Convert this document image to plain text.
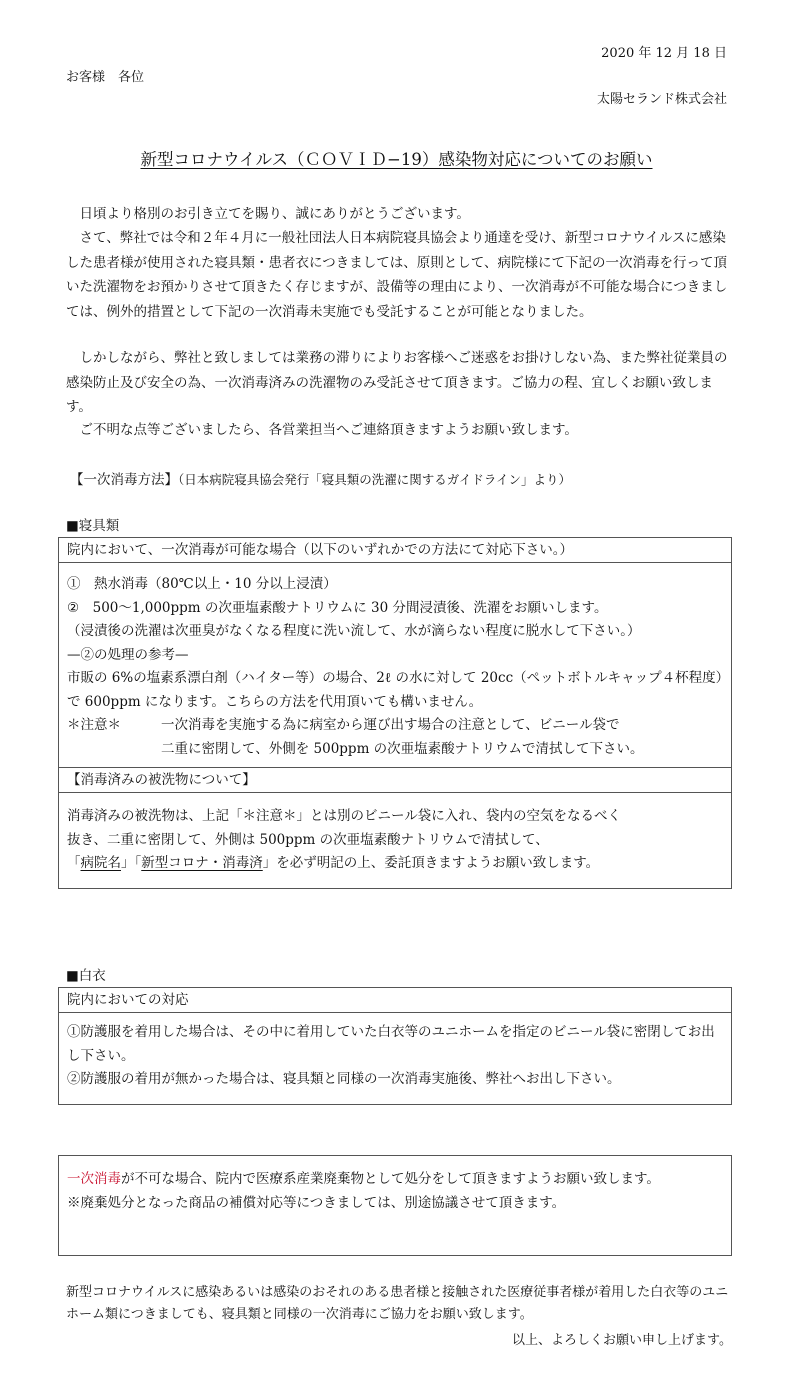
2020 年 12 月 18 日
お客様　各位
太陽セランド株式会社
新型コロナウイルス（ＣＯＶＩＤ−19）感染物対応についてのお願い
日頃より格別のお引き立てを賜り、誠にありがとうございます。
さて、弊社では令和２年４月に一般社団法人日本病院寝具協会より通達を受け、新型コロナウイルスに感染した患者様が使用された寝具類・患者衣につきましては、原則として、病院様にて下記の一次消毒を行って頂いた洗濯物をお預かりさせて頂きたく存じますが、設備等の理由により、一次消毒が不可能な場合につきましては、例外的措置として下記の一次消毒未実施でも受託することが可能となりました。
しかしながら、弊社と致しましては業務の滞りによりお客様へご迷惑をお掛けしない為、また弊社従業員の感染防止及び安全の為、一次消毒済みの洗濯物のみ受託させて頂きます。ご協力の程、宜しくお願い致します。
ご不明な点等ございましたら、各営業担当へご連絡頂きますようお願い致します。
【一次消毒方法】（日本病院寝具協会発行「寝具類の洗濯に関するガイドライン」より）
■寝具類
院内において、一次消毒が可能な場合（以下のいずれかでの方法にて対応下さい。）
①　熱水消毒（80℃以上・10 分以上浸漬）
②　500〜1,000ppm の次亜塩素酸ナトリウムに 30 分間浸漬後、洗濯をお願いします。
（浸漬後の洗濯は次亜臭がなくなる程度に洗い流して、水が滴らない程度に脱水して下さい。）
—②の処理の参考—
市販の 6%の塩素系漂白剤（ハイター等）の場合、2ℓ の水に対して 20cc（ペットボトルキャップ４杯程度）で 600ppm になります。こちらの方法を代用頂いても構いません。
＊注意＊	一次消毒を実施する為に病室から運び出す場合の注意として、ビニール袋で
二重に密閉して、外側を 500ppm の次亜塩素酸ナトリウムで清拭して下さい。
【消毒済みの被洗物について】
消毒済みの被洗物は、上記「＊注意＊」とは別のビニール袋に入れ、袋内の空気をなるべく
抜き、二重に密閉して、外側は 500ppm の次亜塩素酸ナトリウムで清拭して、
「病院名」「新型コロナ・消毒済」を必ず明記の上、委託頂きますようお願い致します。
■白衣
院内においての対応
①防護服を着用した場合は、その中に着用していた白衣等のユニホームを指定のビニール袋に密閉してお出し下さい。
②防護服の着用が無かった場合は、寝具類と同様の一次消毒実施後、弊社へお出し下さい。
一次消毒が不可な場合、院内で医療系産業廃棄物として処分をして頂きますようお願い致します。
※廃棄処分となった商品の補償対応等につきましては、別途協議させて頂きます。
新型コロナウイルスに感染あるいは感染のおそれのある患者様と接触された医療従事者様が着用した白衣等のユニホーム類につきましても、寝具類と同様の一次消毒にご協力をお願い致します。
以上、よろしくお願い申し上げます。
